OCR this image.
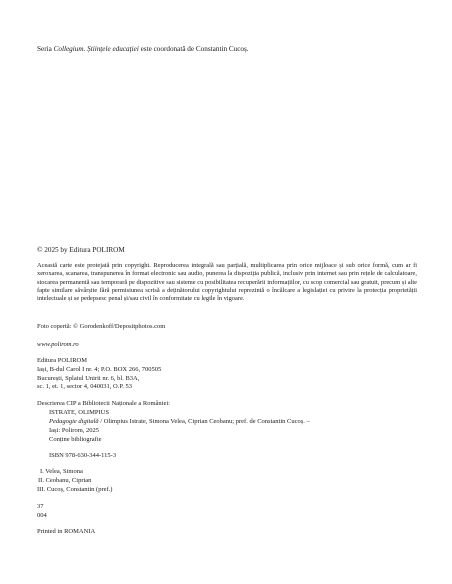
Seria Collegium. Științele educației este coordonată de Constantin Cucoș.
© 2025 by Editura POLIROM
Această carte este protejată prin copyright. Reproducerea integrală sau parțială, multiplicarea prin orice mijloace și sub orice formă, cum ar fi xeroxarea, scanarea, transpunerea în format electronic sau audio, punerea la dispoziția publică, inclusiv prin internet sau prin rețele de calculatoare, stocarea permanentă sau temporară pe dispozitive sau sisteme cu posibilitatea recuperării informațiilor, cu scop comercial sau gratuit, precum și alte fapte similare săvârșite fără permisiunea scrisă a deținătorului copyrightului reprezintă o încălcare a legislației cu privire la protecția proprietății intelectuale și se pedepsesc penal și/sau civil în conformitate cu legile în vigoare.
Foto copertă: © Gorodenkoff/Depositphotos.com
www.polirom.ro
Editura POLIROM
Iași, B-dul Carol I nr. 4; P.O. BOX 266, 700505
București, Splaiul Unirii nr. 6, bl. B3A,
sc. 1, et. 1, sector 4, 040031, O.P. 53
Descrierea CIP a Bibliotecii Naționale a României:
ISTRATE, OLIMPIUS
Pedagogie digitală / Olimpius Istrate, Simona Velea, Ciprian Ceobanu; pref. de Constantin Cucoș. –
Iași: Polirom, 2025
Conține bibliografie
ISBN 978-630-344-115-3
I. Velea, Simona
II. Ceobanu, Ciprian
III. Cucoș, Constantin (pref.)
37
004
Printed in ROMANIA
